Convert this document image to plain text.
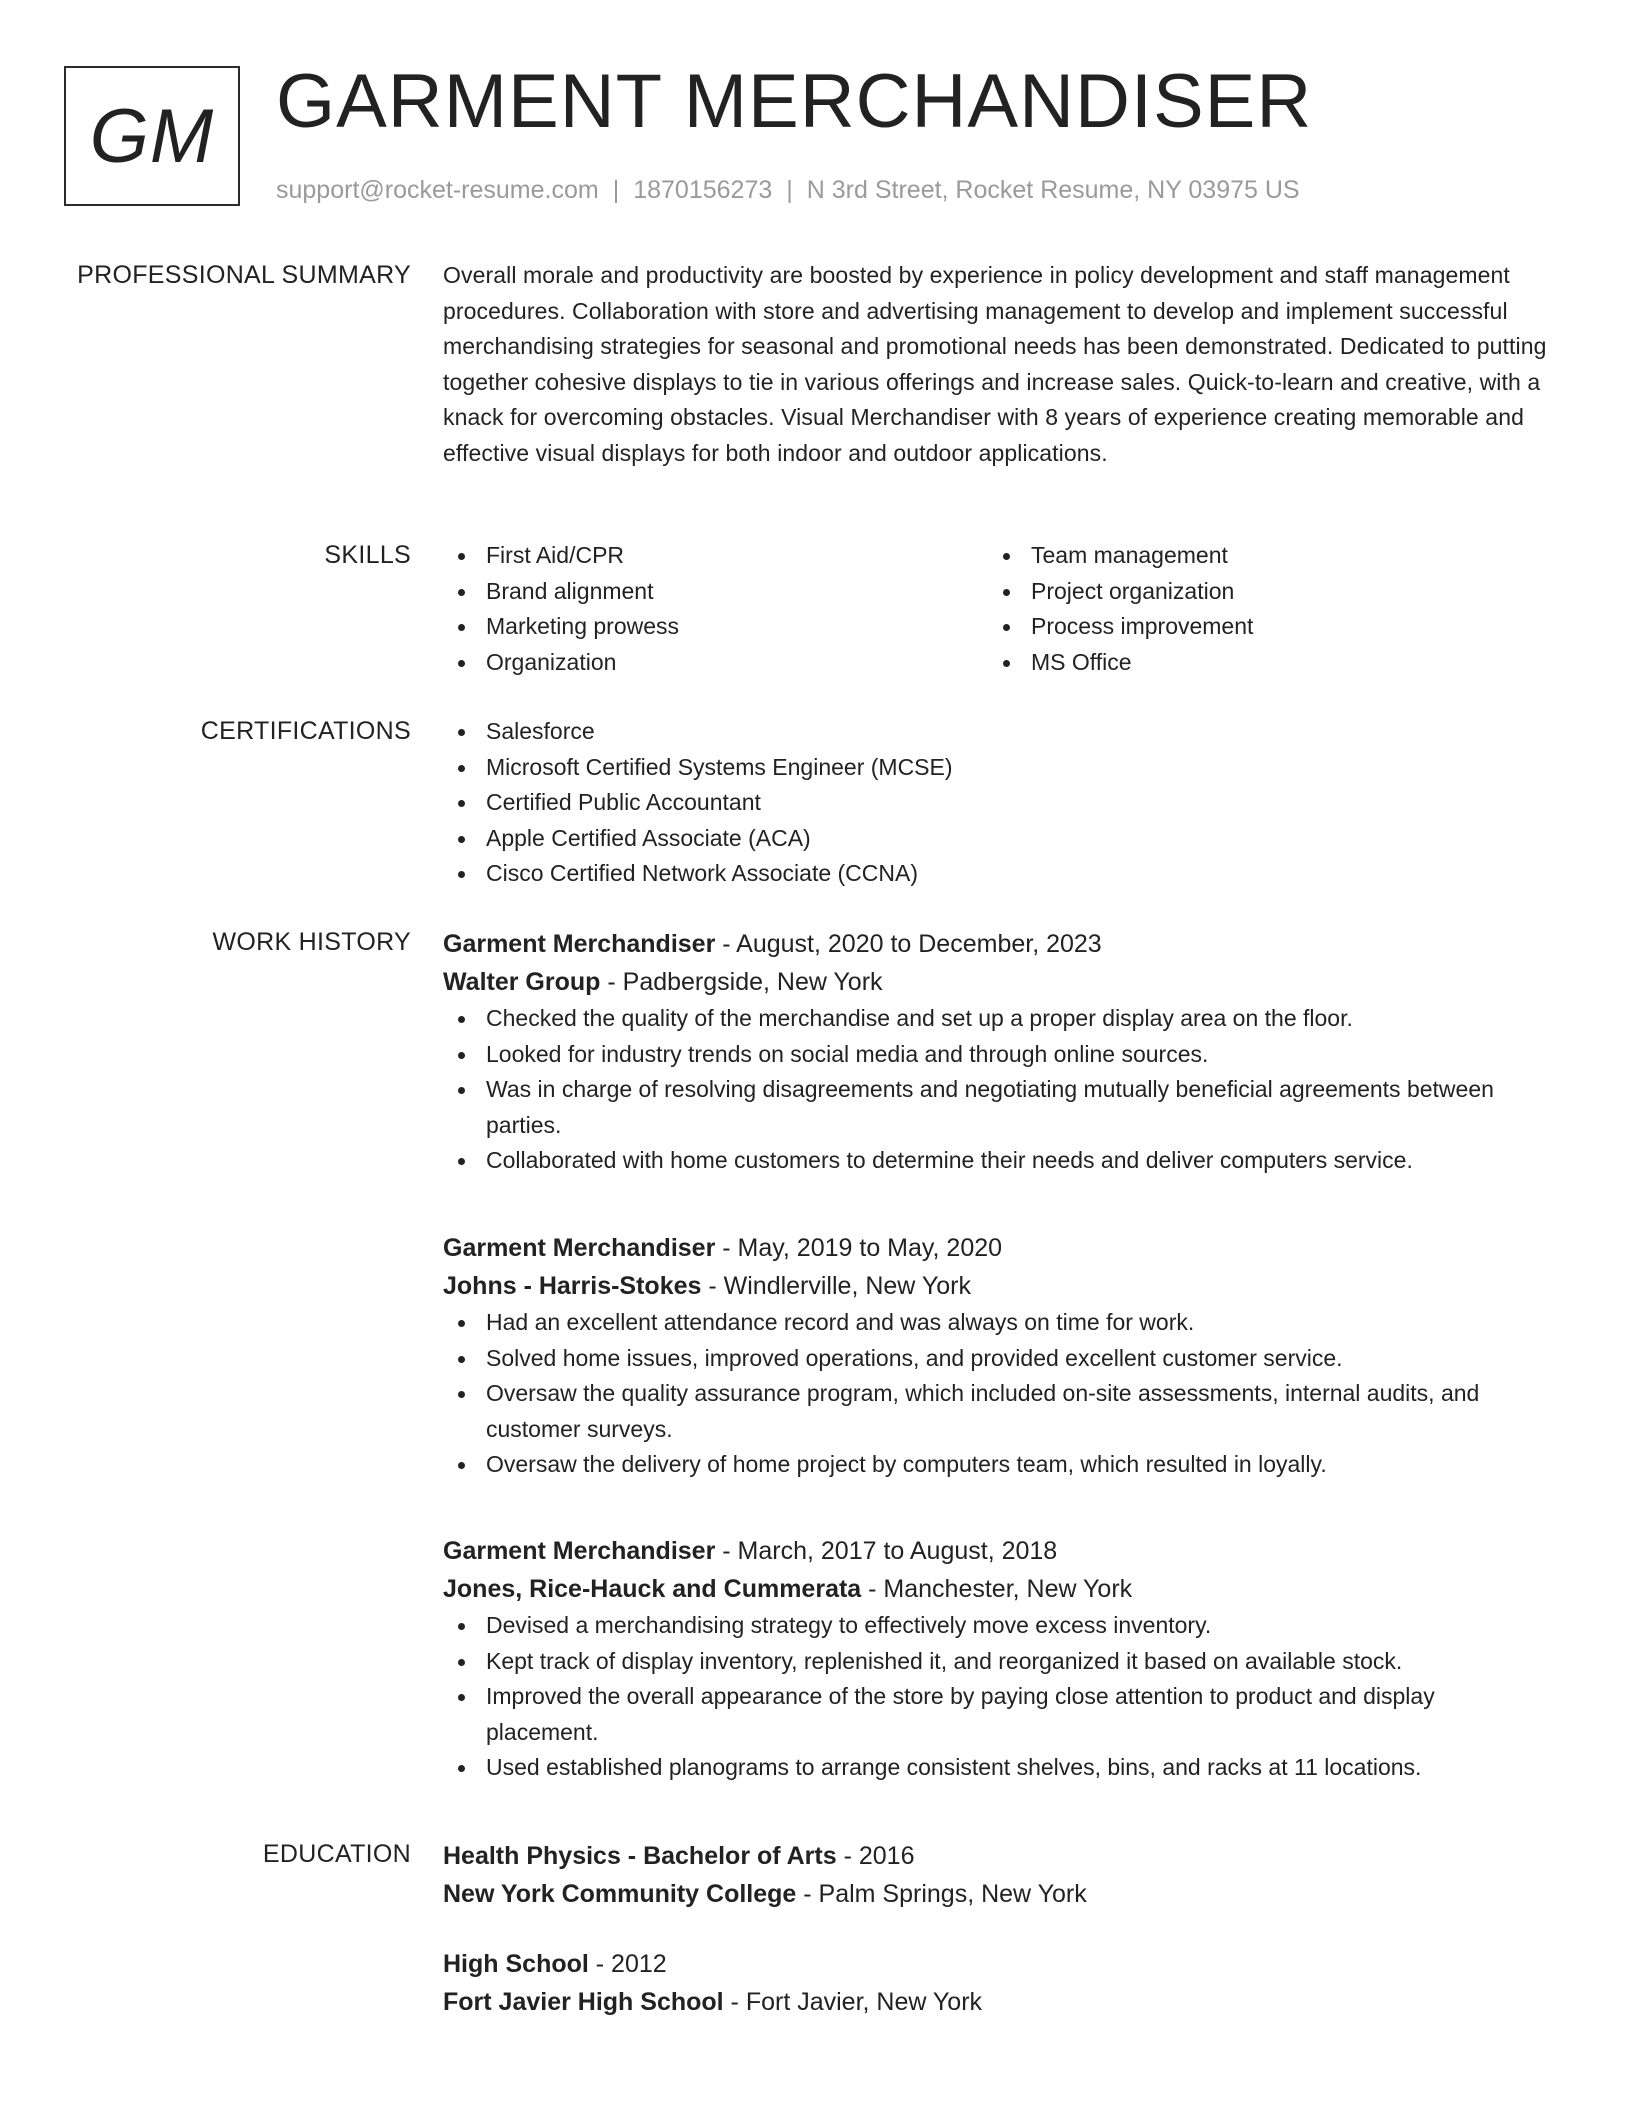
GM GARMENT MERCHANDISER
support@rocket-resume.com | 1870156273 | N 3rd Street, Rocket Resume, NY 03975 US
PROFESSIONAL SUMMARY Overall morale and productivity are boosted by experience in policy development and staff management procedures. Collaboration with store and advertising management to develop and implement successful merchandising strategies for seasonal and promotional needs has been demonstrated. Dedicated to putting together cohesive displays to tie in various offerings and increase sales. Quick-to-learn and creative, with a knack for overcoming obstacles. Visual Merchandiser with 8 years of experience creating memorable and effective visual displays for both indoor and outdoor applications.

SKILLS	First Aid/CPR
Brand alignment
Marketing prowess
Organization
Team management
Project organization
Process improvement
MS Office
CERTIFICATIONS	Salesforce
Microsoft Certified Systems Engineer (MCSE)
Certified Public Accountant
Apple Certified Associate (ACA)
Cisco Certified Network Associate (CCNA)
WORK HISTORY Garment Merchandiser - August, 2020 to December, 2023
Walter Group - Padbergside, New York
Checked the quality of the merchandise and set up a proper display area on the floor.
Looked for industry trends on social media and through online sources.
Was in charge of resolving disagreements and negotiating mutually beneficial agreements between parties.
Collaborated with home customers to determine their needs and deliver computers service.
Garment Merchandiser - May, 2019 to May, 2020
Johns - Harris-Stokes - Windlerville, New York
Had an excellent attendance record and was always on time for work.
Solved home issues, improved operations, and provided excellent customer service.
Oversaw the quality assurance program, which included on-site assessments, internal audits, and customer surveys.
Oversaw the delivery of home project by computers team, which resulted in loyally.
Garment Merchandiser - March, 2017 to August, 2018
Jones, Rice-Hauck and Cummerata - Manchester, New York
Devised a merchandising strategy to effectively move excess inventory.
Kept track of display inventory, replenished it, and reorganized it based on available stock.
Improved the overall appearance of the store by paying close attention to product and display placement.
Used established planograms to arrange consistent shelves, bins, and racks at 11 locations.
EDUCATION Health Physics - Bachelor of Arts - 2016
New York Community College - Palm Springs, New York
High School - 2012
Fort Javier High School - Fort Javier, New York
